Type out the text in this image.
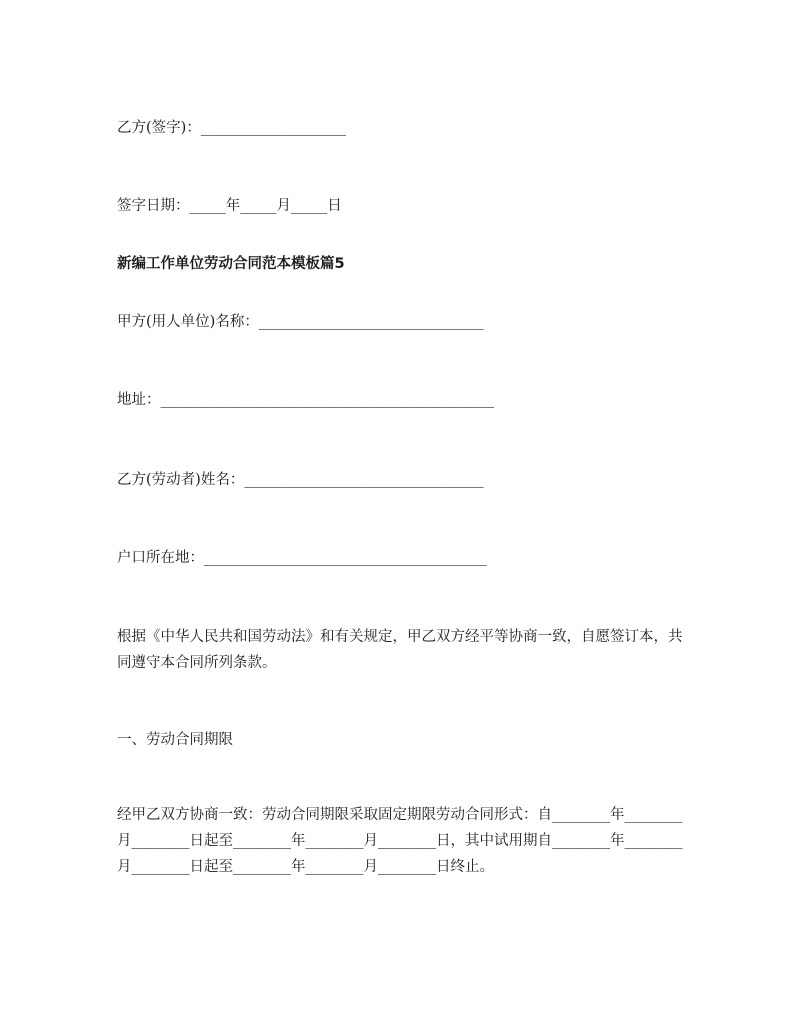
乙方(签字)：____________________
签字日期：_____年_____月_____日
新编工作单位劳动合同范本模板篇5
甲方(用人单位)名称：_______________________________
地址：______________________________________________
乙方(劳动者)姓名：_________________________________
户口所在地：_______________________________________
根据《中华人民共和国劳动法》和有关规定，甲乙双方经平等协商一致，自愿签订本，共同遵守本合同所列条款。
一、劳动合同期限
经甲乙双方协商一致：劳动合同期限采取固定期限劳动合同形式：自________年________月________日起至________年________月________日，其中试用期自________年________月________日起至________年________月________日终止。
